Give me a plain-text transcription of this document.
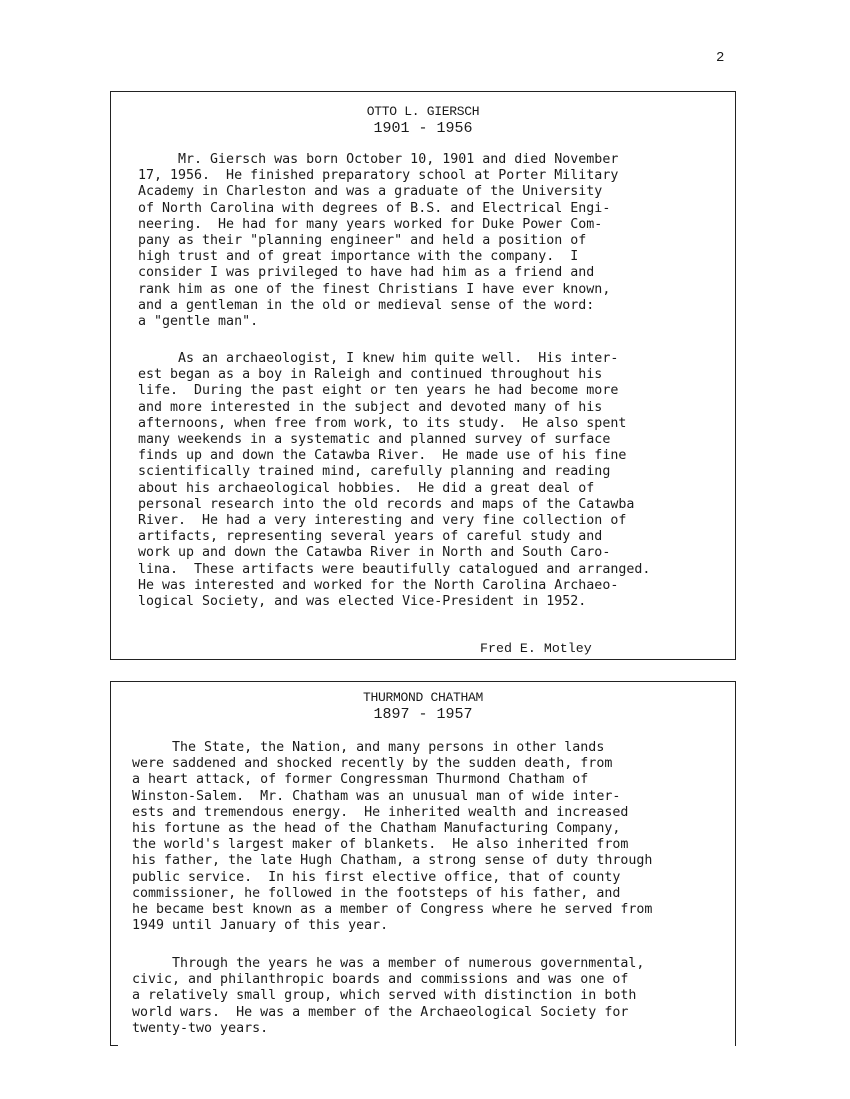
2
OTTO L. GIERSCH
1901 - 1956
Mr. Giersch was born October 10, 1901 and died November
17, 1956.  He finished preparatory school at Porter Military
Academy in Charleston and was a graduate of the University
of North Carolina with degrees of B.S. and Electrical Engi-
neering.  He had for many years worked for Duke Power Com-
pany as their "planning engineer" and held a position of
high trust and of great importance with the company.  I
consider I was privileged to have had him as a friend and
rank him as one of the finest Christians I have ever known,
and a gentleman in the old or medieval sense of the word:
a "gentle man".
As an archaeologist, I knew him quite well.  His inter-
est began as a boy in Raleigh and continued throughout his
life.  During the past eight or ten years he had become more
and more interested in the subject and devoted many of his
afternoons, when free from work, to its study.  He also spent
many weekends in a systematic and planned survey of surface
finds up and down the Catawba River.  He made use of his fine
scientifically trained mind, carefully planning and reading
about his archaeological hobbies.  He did a great deal of
personal research into the old records and maps of the Catawba
River.  He had a very interesting and very fine collection of
artifacts, representing several years of careful study and
work up and down the Catawba River in North and South Caro-
lina.  These artifacts were beautifully catalogued and arranged.
He was interested and worked for the North Carolina Archaeo-
logical Society, and was elected Vice-President in 1952.
Fred E. Motley
THURMOND CHATHAM
1897 - 1957
The State, the Nation, and many persons in other lands
were saddened and shocked recently by the sudden death, from
a heart attack, of former Congressman Thurmond Chatham of
Winston-Salem.  Mr. Chatham was an unusual man of wide inter-
ests and tremendous energy.  He inherited wealth and increased
his fortune as the head of the Chatham Manufacturing Company,
the world's largest maker of blankets.  He also inherited from
his father, the late Hugh Chatham, a strong sense of duty through
public service.  In his first elective office, that of county
commissioner, he followed in the footsteps of his father, and
he became best known as a member of Congress where he served from
1949 until January of this year.
Through the years he was a member of numerous governmental,
civic, and philanthropic boards and commissions and was one of
a relatively small group, which served with distinction in both
world wars.  He was a member of the Archaeological Society for
twenty-two years.
